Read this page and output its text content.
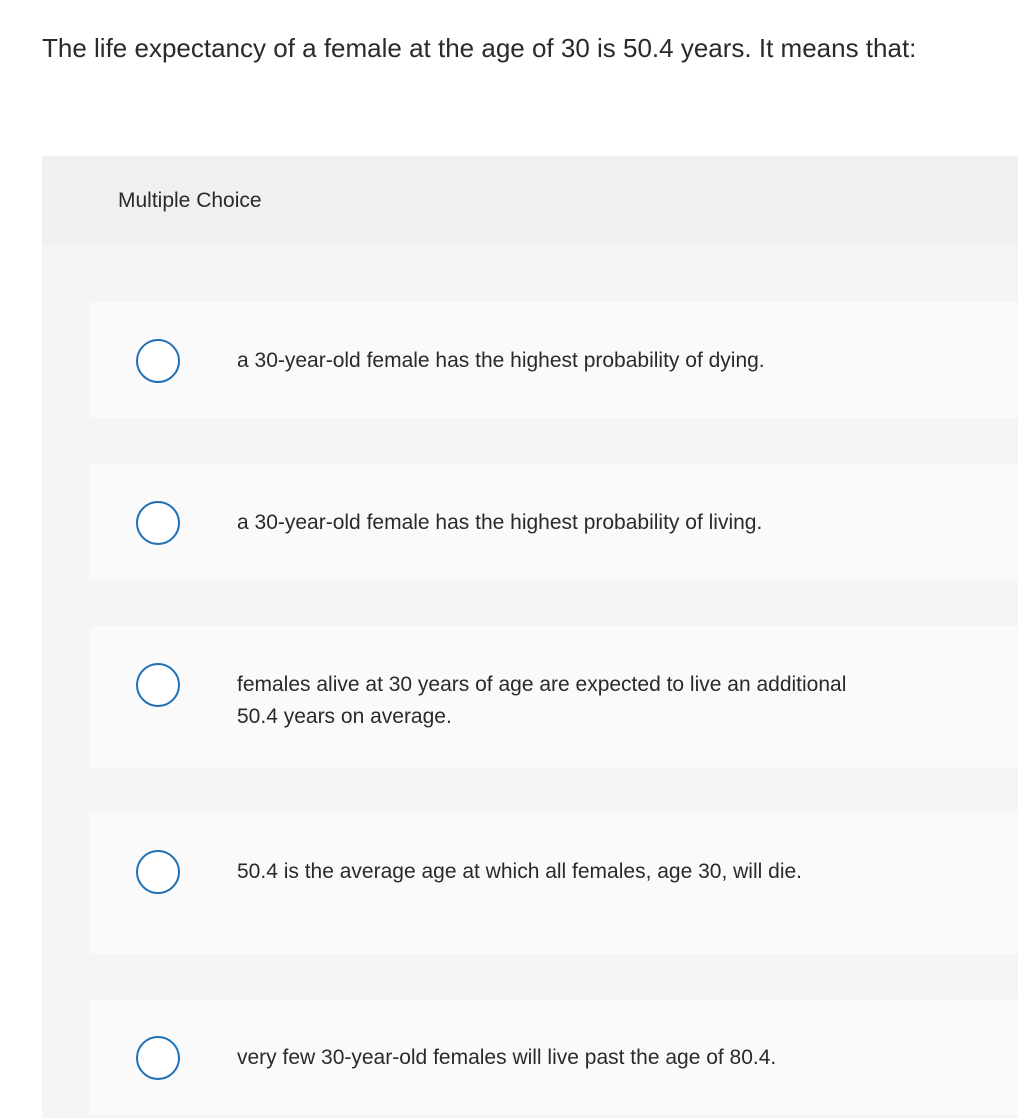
The life expectancy of a female at the age of 30 is 50.4 years. It means that:
Multiple Choice
a 30-year-old female has the highest probability of dying.
a 30-year-old female has the highest probability of living.
females alive at 30 years of age are expected to live an additional 50.4 years on average.
50.4 is the average age at which all females, age 30, will die.
very few 30-year-old females will live past the age of 80.4.
